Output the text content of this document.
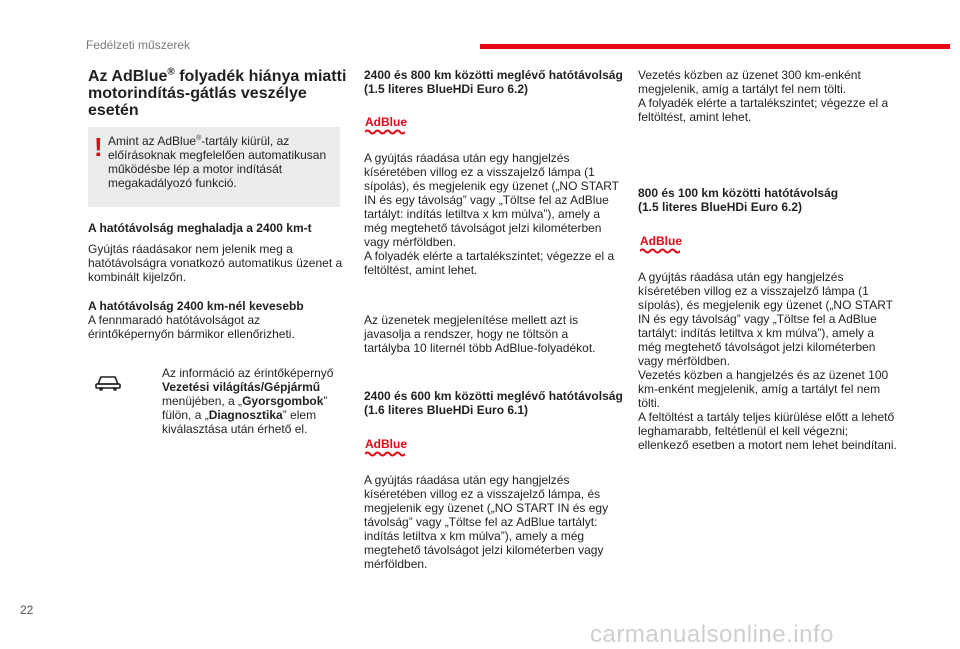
Fedélzeti műszerek
Az AdBlue® folyadék hiánya miatti motorindítás-gátlás veszélye esetén
! Amint az AdBlue®-tartály kiürül, az előírásoknak megfelelően automatikusan működésbe lép a motor indítását megakadályozó funkció.

A hatótávolság meghaladja a 2400 km-t

Gyújtás ráadásakor nem jelenik meg a hatótávolságra vonatkozó automatikus üzenet a kombinált kijelzőn.

A hatótávolság 2400 km-nél kevesebb

A fennmaradó hatótávolságot az érintőképernyőn bármikor ellenőrizheti.

Az információ az érintőképernyő Vezetési világítás/Gépjármű menüjében, a „Gyorsgombok” fülön, a „Diagnosztika” elem kiválasztása után érhető el.

2400 és 800 km közötti meglévő hatótávolság (1.5 literes BlueHDi Euro 6.2)

AdBlue

A gyújtás ráadása után egy hangjelzés kíséretében villog ez a visszajelző lámpa (1 sípolás), és megjelenik egy üzenet („NO START IN és egy távolság” vagy „Töltse fel az AdBlue tartályt: indítás letiltva x km múlva”), amely a még megtehető távolságot jelzi kilométerben vagy mérföldben.
A folyadék elérte a tartalékszintet; végezze el a feltöltést, amint lehet.

Az üzenetek megjelenítése mellett azt is javasolja a rendszer, hogy ne töltsön a tartályba 10 liternél több AdBlue-folyadékot.

2400 és 600 km közötti meglévő hatótávolság (1.6 literes BlueHDi Euro 6.1)

AdBlue

A gyújtás ráadása után egy hangjelzés kíséretében villog ez a visszajelző lámpa, és megjelenik egy üzenet („NO START IN és egy távolság” vagy „Töltse fel az AdBlue tartályt: indítás letiltva x km múlva”), amely a még megtehető távolságot jelzi kilométerben vagy mérföldben.

Vezetés közben az üzenet 300 km-enként megjelenik, amíg a tartályt fel nem tölti.
A folyadék elérte a tartalékszintet; végezze el a feltöltést, amint lehet.

800 és 100 km közötti hatótávolság (1.5 literes BlueHDi Euro 6.2)

AdBlue

A gyújtás ráadása után egy hangjelzés kíséretében villog ez a visszajelző lámpa (1 sípolás), és megjelenik egy üzenet („NO START IN és egy távolság” vagy „Töltse fel a AdBlue tartályt: indítás letiltva x km múlva”), amely a még megtehető távolságot jelzi kilométerben vagy mérföldben.
Vezetés közben a hangjelzés és az üzenet 100 km-enként megjelenik, amíg a tartályt fel nem tölti.
A feltöltést a tartály teljes kiürülése előtt a lehető leghamarabb, feltétlenül el kell végezni; ellenkező esetben a motort nem lehet beindítani.

22
carmanualsonline.info
